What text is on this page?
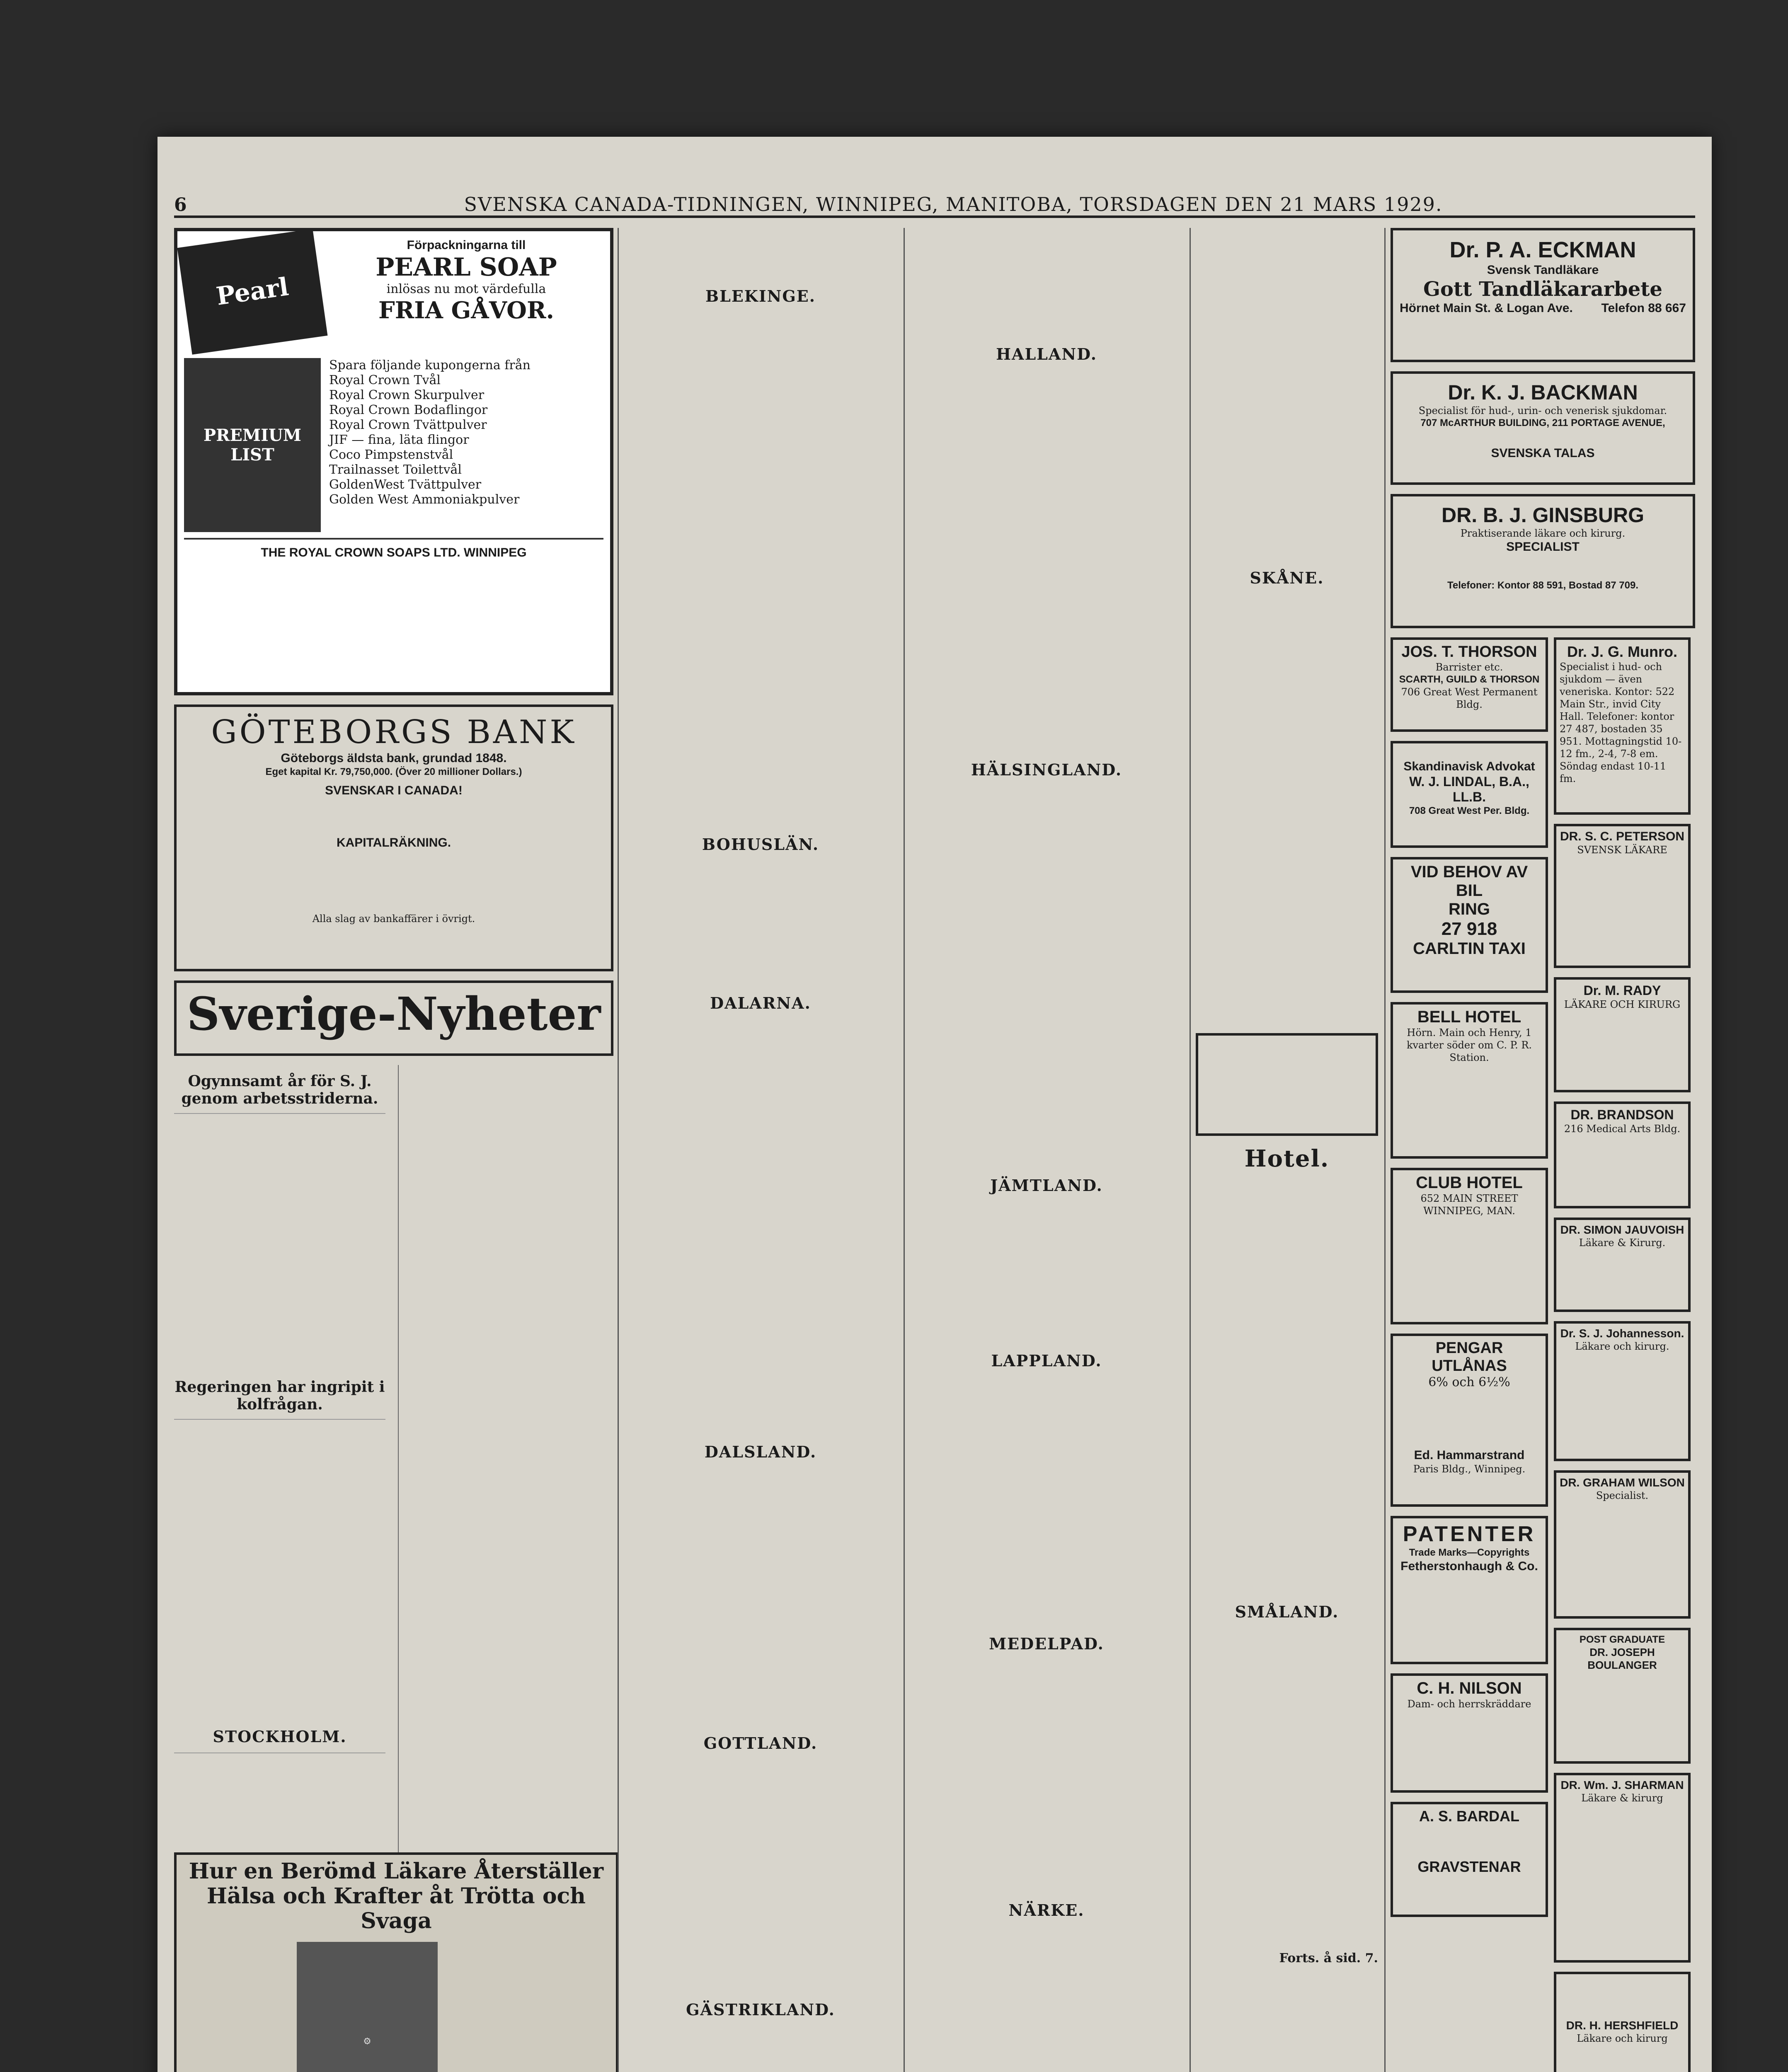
6	SVENSKA CANADA-TIDNINGEN, WINNIPEG, MANITOBA, TORSDAGEN DEN 21 MARS 1929.
Pearl
Förpackningarna till
PEARL SOAP
inlösas nu mot värdefulla
FRIA GÅVOR.
PREMIUM LIST
Spara följande kupongerna från
Royal Crown Tvål
Royal Crown Skurpulver
Royal Crown Bodaflingor
Royal Crown Tvättpulver
JIF — fina, läta flingor
Coco Pimpstenstvål
Trailnasset Toilettvål
GoldenWest Tvättpulver
Golden West Ammoniakpulver
THE ROYAL CROWN SOAPS LTD. WINNIPEG
GÖTEBORGS BANK
Göteborgs äldsta bank, grundad 1848.
Eget kapital Kr. 79,750,000. (Över 20 millioner Dollars.)
SVENSKAR I CANADA!

KAPITALRÄKNING.

Alla slag av bankaffärer i övrigt.
Sverige-Nyheter
Ogynnsamt år för S. J. genom arbetsstriderna.
Regeringen har ingripit i kolfrågan.
STOCKHOLM.
Hur en Berömd Läkare Återställer Hälsa och Krafter åt Trötta och Svaga
⚙
BLEKINGE.
BOHUSLÄN.
DALARNA.
DALSLAND.
GOTTLAND.
GÄSTRIKLAND.
HALLAND.
HÄLSINGLAND.
JÄMTLAND.
LAPPLAND.
MEDELPAD.
NÄRKE.
SKÅNE.
Hotel.
SMÅLAND.
Forts. å sid. 7.
Dr. P. A. ECKMAN
Svensk Tandläkare
Gott Tandläkararbete
Hörnet Main St. & Logan Ave. Telefon 88 667
Dr. K. J. BACKMAN
Specialist för hud-, urin- och venerisk sjukdomar.
707 McARTHUR BUILDING, 211 PORTAGE AVENUE,
SVENSKA TALAS
DR. B. J. GINSBURG
Praktiserande läkare och kirurg.
SPECIALIST
Telefoner: Kontor 88 591, Bostad 87 709.
JOS. T. THORSON
Barrister etc.
SCARTH, GUILD & THORSON
706 Great West Permanent Bldg.
Skandinavisk Advokat
W. J. LINDAL, B.A., LL.B.
708 Great West Per. Bldg.
VID BEHOV AV BIL
RING
27 918
CARLTIN TAXI
BELL HOTEL
Hörn. Main och Henry, 1 kvarter söder om C. P. R. Station.
CLUB HOTEL
652 MAIN STREET WINNIPEG, MAN.
PENGAR UTLÅNAS
6% och 6½%
Ed. Hammarstrand
Paris Bldg., Winnipeg.
PATENTER
Trade Marks—Copyrights
Fetherstonhaugh & Co.
C. H. NILSON
Dam- och herrskräddare
A. S. BARDAL
GRAVSTENAR
Dr. J. G. Munro.
Specialist i hud- och sjukdom — även veneriska. Kontor: 522 Main Str., invid City Hall. Telefoner: kontor 27 487, bostaden 35 951. Mottagningstid 10-12 fm., 2-4, 7-8 em. Söndag endast 10-11 fm.
DR. S. C. PETERSON
SVENSK LÄKARE
Dr. M. RADY
LÄKARE OCH KIRURG
DR. BRANDSON
216 Medical Arts Bldg.
DR. SIMON JAUVOISH
Läkare & Kirurg.
Dr. S. J. Johannesson.
Läkare och kirurg.
DR. GRAHAM WILSON
Specialist.
POST GRADUATE
DR. JOSEPH BOULANGER
DR. Wm. J. SHARMAN
Läkare & kirurg
DR. H. HERSHFIELD
Läkare och kirurg
